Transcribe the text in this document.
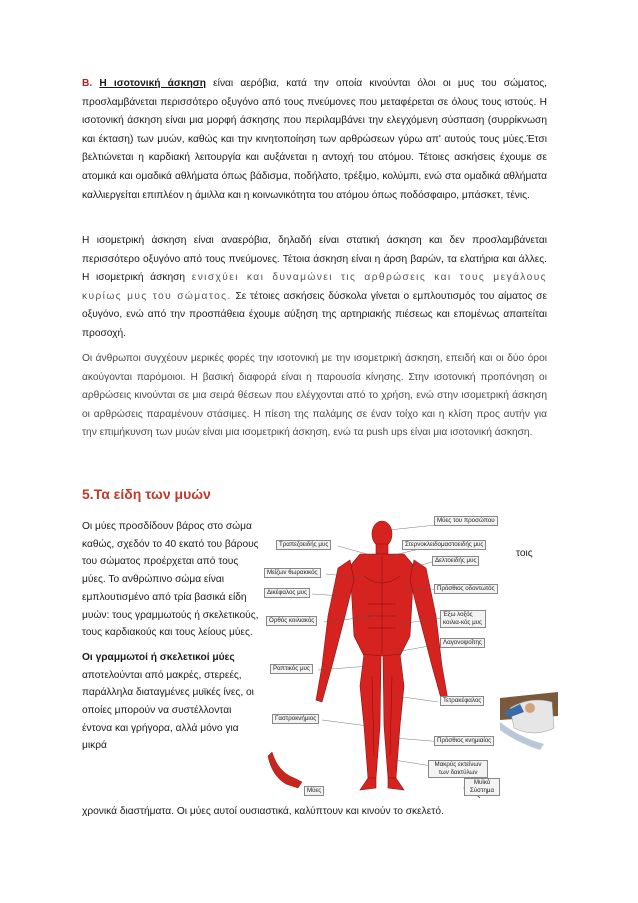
B. Η ισοτονική άσκηση είναι αερόβια, κατά την οποία κινούνται όλοι οι μυς του σώματος, προσλαμβάνεται περισσότερο οξυγόνο από τους πνεύμονες που μεταφέρεται σε όλους τους ιστούς. Η ισοτονική άσκηση είναι μια μορφή άσκησης που περιλαμβάνει την ελεγχόμενη σύσπαση (συρρίκνωση και έκταση) των μυών, καθώς και την κινητοποίηση των αρθρώσεων γύρω απ' αυτούς τους μύες.Έτσι βελτιώνεται η καρδιακή λειτουργία και αυξάνεται η αντοχή του ατόμου. Τέτοιες ασκήσεις έχουμε σε ατομικά και ομαδικά αθλήματα όπως βάδισμα, ποδήλατο, τρέξιμο, κολύμπι, ενώ στα ομαδικά αθλήματα καλλιεργείται επιπλέον η άμιλλα και η κοινωνικότητα του ατόμου όπως ποδόσφαιρο, μπάσκετ, τένις.

Η ισομετρική άσκηση είναι αναερόβια, δηλαδή είναι στατική άσκηση και δεν προσλαμβάνεται περισσότερο οξυγόνο από τους πνεύμονες. Τέτοια άσκηση είναι η άρση βαρών, τα ελατήρια και άλλες. Η ισομετρική άσκηση ενισχύει και δυναμώνει τις αρθρώσεις και τους μεγάλους κυρίως μυς του σώματος. Σε τέτοιες ασκήσεις δύσκολα γίνεται ο εμπλουτισμός του αίματος σε οξυγόνο, ενώ από την προσπάθεια έχουμε αύξηση της αρτηριακής πιέσεως και επομένως απαιτείται προσοχή.

Οι άνθρωποι συγχέουν μερικές φορές την ισοτονική με την ισομετρική άσκηση, επειδή και οι δύο όροι ακούγονται παρόμοιοι. Η βασική διαφορά είναι η παρουσία κίνησης. Στην ισοτονική προπόνηση οι αρθρώσεις κινούνται σε μια σειρά θέσεων που ελέγχονται από το χρήση, ενώ στην ισομετρική άσκηση οι αρθρώσεις παραμένουν στάσιμες. Η πίεση της παλάμης σε έναν τοίχο και η κλίση προς αυτήν για την επιμήκυνση των μυών είναι μια ισομετρική άσκηση, ενώ τα push ups είναι μια ισοτονική άσκηση.

5.Τα είδη των μυών

Οι μύες προσδίδουν βάρος στο σώμα καθώς, σχεδόν το 40 εκατό του βάρους του σώματος προέρχεται από τους μύες. Το ανθρώπινο σώμα είναι εμπλουτισμένο από τρία βασικά είδη μυών: τους γραμμωτούς ή σκελετικούς, τους καρδιακούς και τους λείους μύες.

Οι γραμμωτοί ή σκελετικοί μύες αποτελούνται από μακρές, στερεές, παράλληλα διαταγμένες μυϊκές ίνες, οι οποίες μπορούν να συστέλλονται έντονα και γρήγορα, αλλά μόνο για μικρά

τοις

χρονικά διαστήματα. Οι μύες αυτοί ουσιαστικά, καλύπτουν και κινούν το σκελετό.

Μύες του προσώπου
Τραπεζοειδής μυς	Στερνοκλειδομαστοειδής μυς
Δελτοειδής μυς
Μείζων θωρακικός
Δικέφαλος μυς
Πρόσθιος οδοντωτός
Ορθός κοιλιακός
Έξω λοξός κοιλια-κός μυς
Λαγονοψοΐτης
Ραπτικός μυς
Τετρακέφαλος
Γαστροκνήμιος
Πρόσθιος κνημιαίος
Μακρύς εκτείνων των δακτύλων
Μύες
Μυϊκό Σύστημα
